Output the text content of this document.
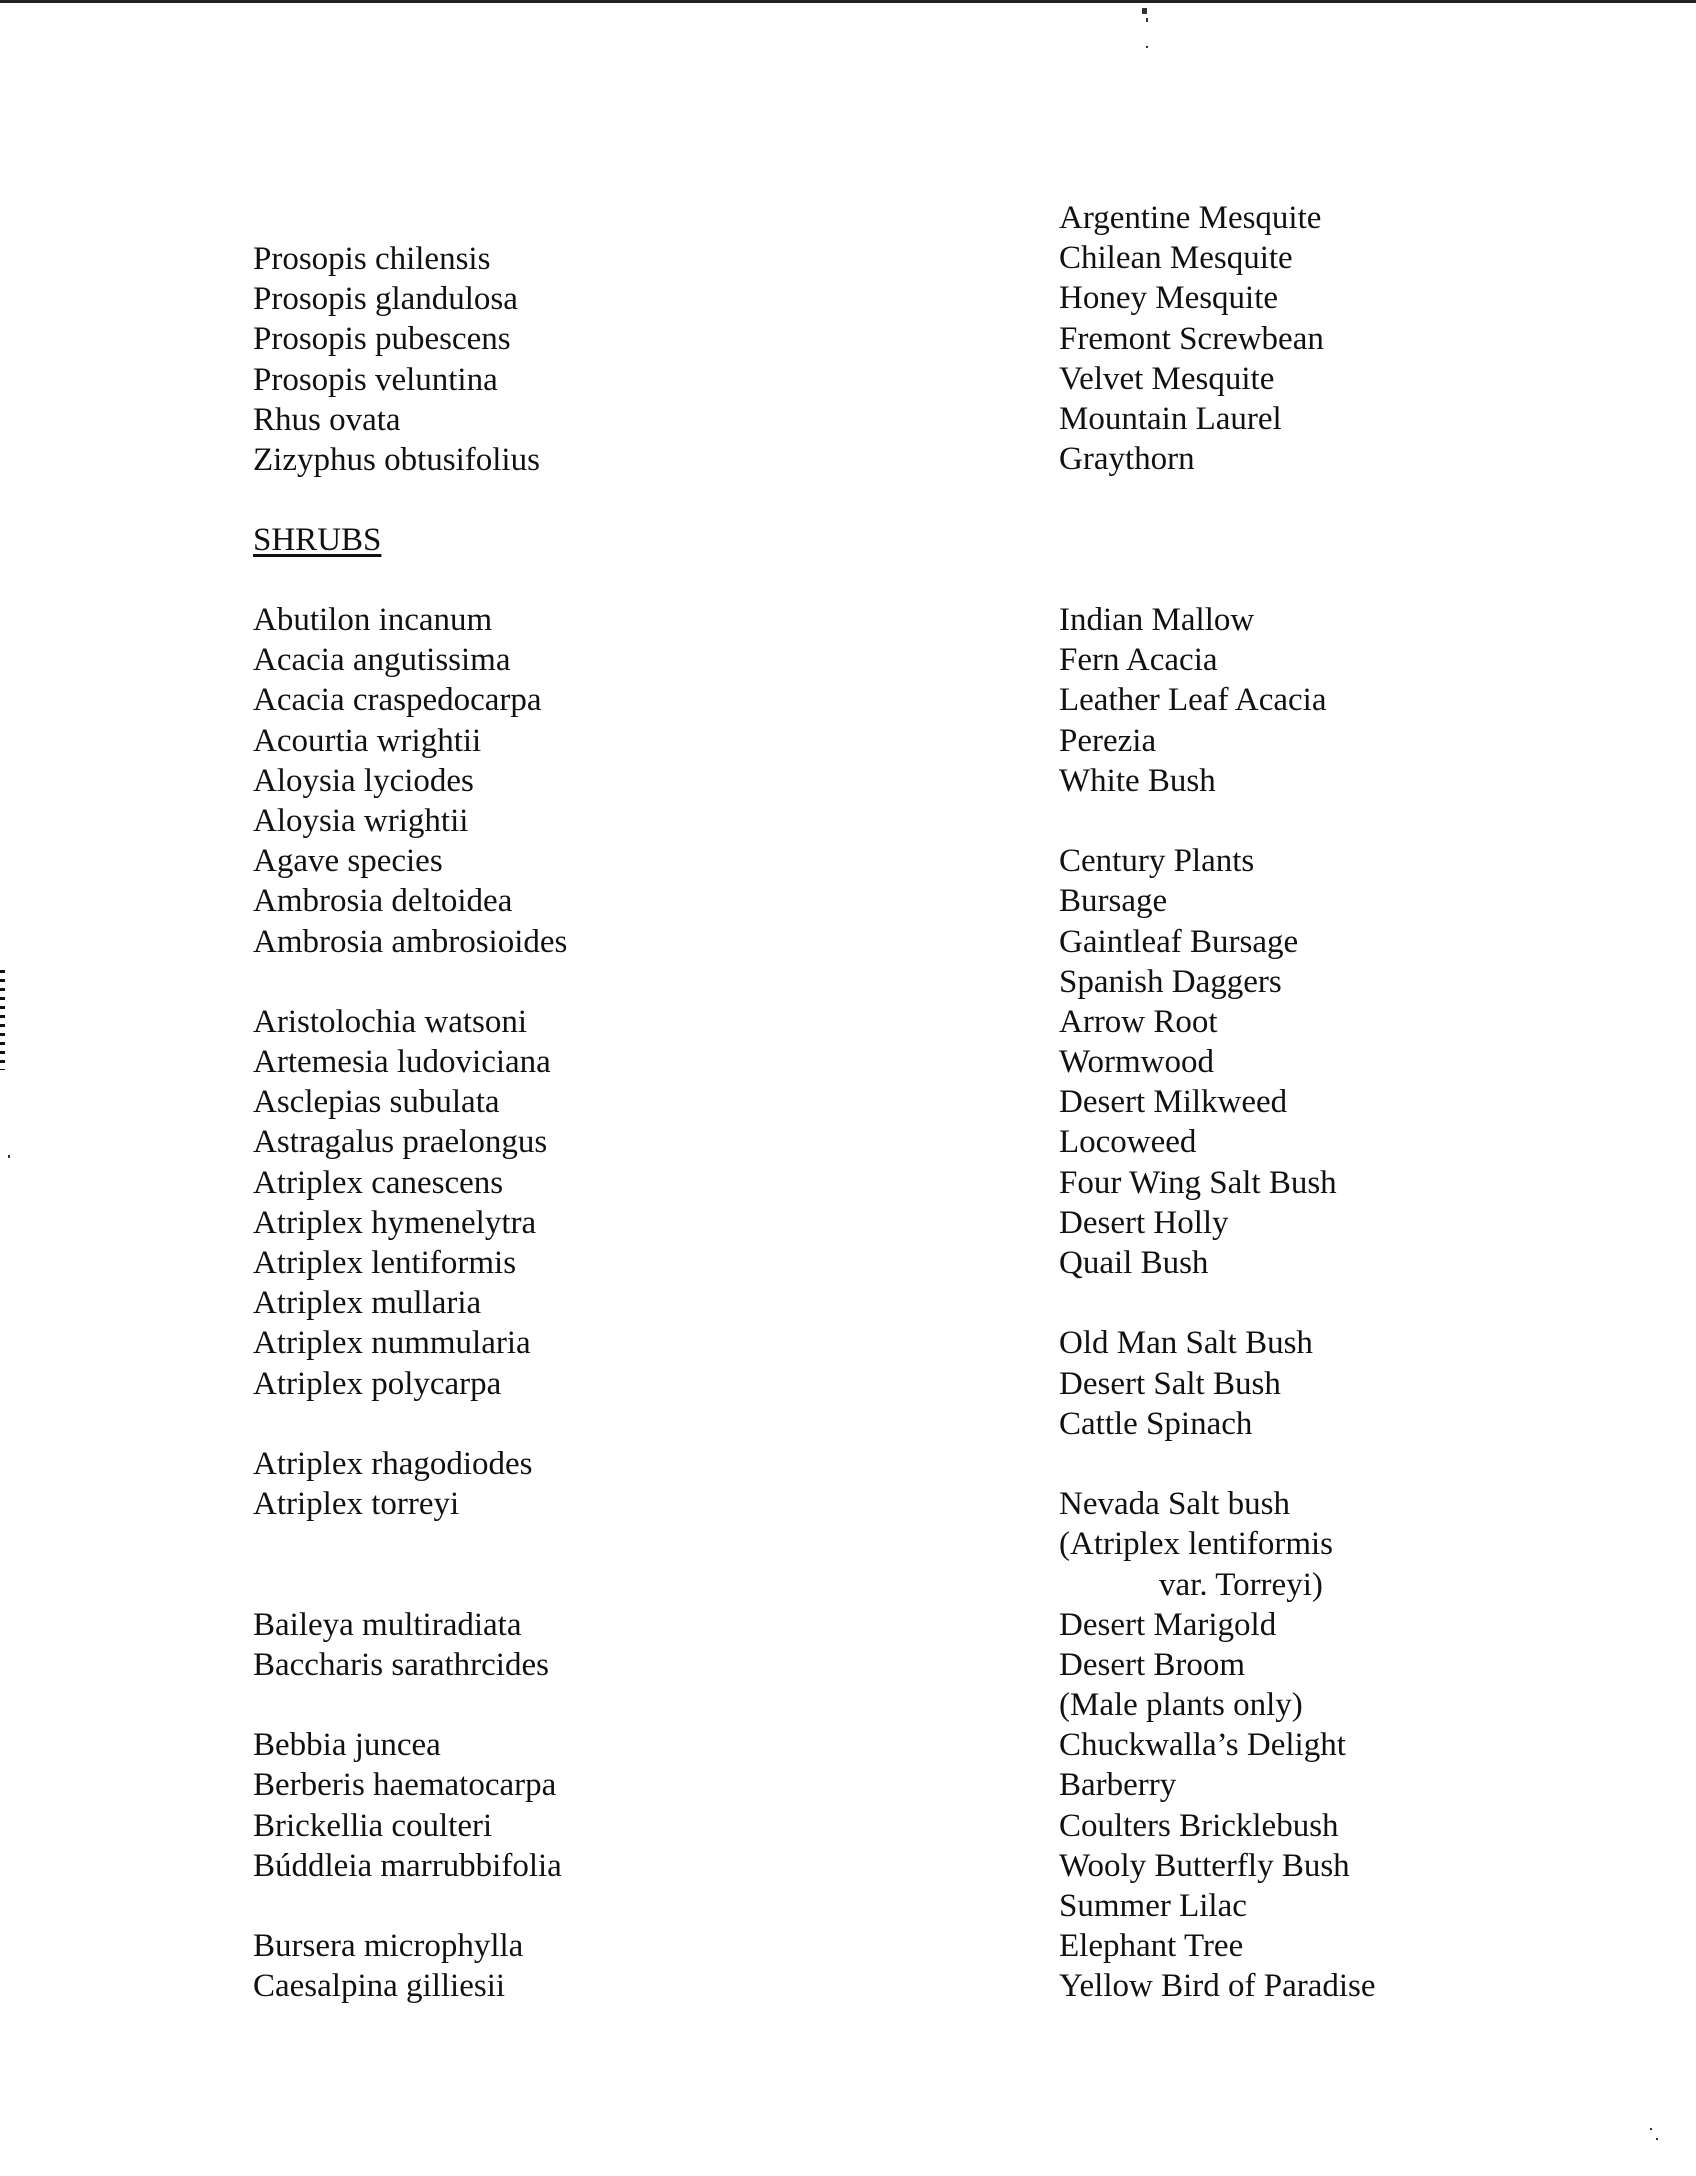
Prosopis chilensis
Prosopis glandulosa
Prosopis pubescens
Prosopis veluntina
Rhus ovata
Zizyphus obtusifolius
Argentine Mesquite
Chilean Mesquite
Honey Mesquite
Fremont Screwbean
Velvet Mesquite
Mountain Laurel
Graythorn
SHRUBS
Abutilon incanum
Acacia angutissima
Acacia craspedocarpa
Acourtia wrightii
Aloysia lyciodes
Aloysia wrightii
Agave species
Ambrosia deltoidea
Ambrosia ambrosioides
Aristolochia watsoni
Artemesia ludoviciana
Asclepias subulata
Astragalus praelongus
Atriplex canescens
Atriplex hymenelytra
Atriplex lentiformis
Atriplex mullaria
Atriplex nummularia
Atriplex polycarpa
Atriplex rhagodiodes
Atriplex torreyi
Baileya multiradiata
Baccharis sarathrcides
Bebbia juncea
Berberis haematocarpa
Brickellia coulteri
Búddleia marrubbifolia
Bursera microphylla
Caesalpina gilliesii
Indian Mallow
Fern Acacia
Leather Leaf Acacia
Perezia
White Bush
Century Plants
Bursage
Gaintleaf Bursage
Spanish Daggers
Arrow Root
Wormwood
Desert Milkweed
Locoweed
Four Wing Salt Bush
Desert Holly
Quail Bush
Old Man Salt Bush
Desert Salt Bush
Cattle Spinach
Nevada Salt bush
(Atriplex lentiformis
var. Torreyi)
Desert Marigold
Desert Broom
(Male plants only)
Chuckwalla’s Delight
Barberry
Coulters Bricklebush
Wooly Butterfly Bush
Summer Lilac
Elephant Tree
Yellow Bird of Paradise
